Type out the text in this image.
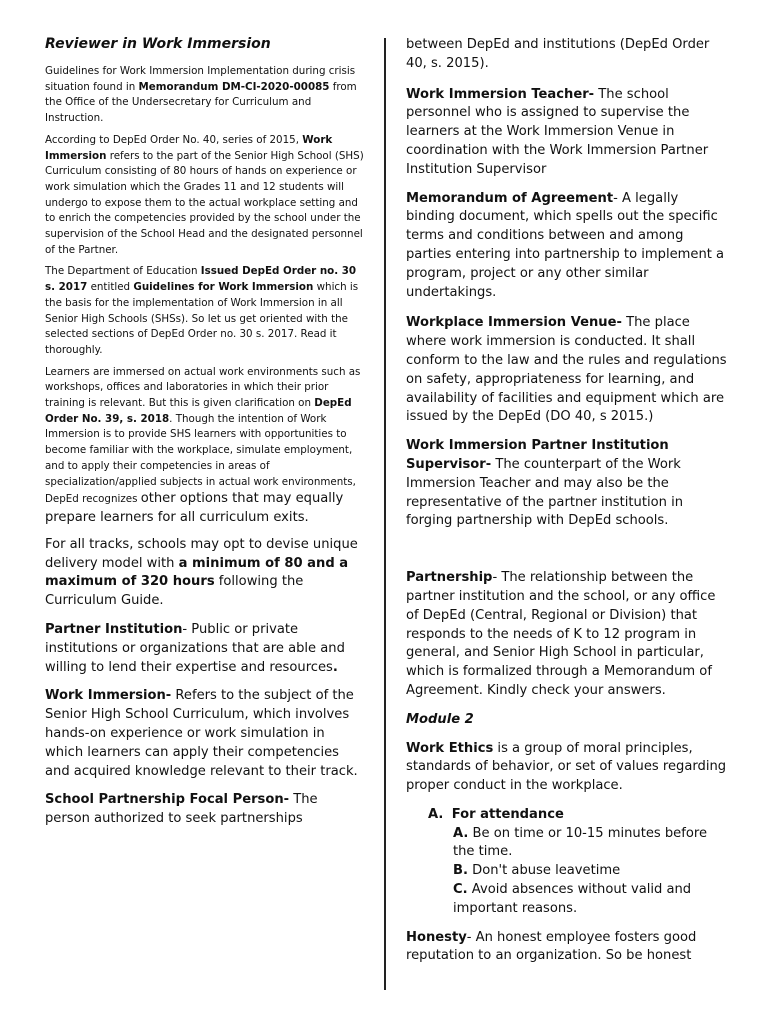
Reviewer in Work Immersion

Guidelines for Work Immersion Implementation during crisis situation found in Memorandum DM-CI-2020-00085 from the Office of the Undersecretary for Curriculum and Instruction.

According to DepEd Order No. 40, series of 2015, Work Immersion refers to the part of the Senior High School (SHS) Curriculum consisting of 80 hours of hands on experience or work simulation which the Grades 11 and 12 students will undergo to expose them to the actual workplace setting and to enrich the competencies provided by the school under the supervision of the School Head and the designated personnel of the Partner.

The Department of Education Issued DepEd Order no. 30 s. 2017 entitled Guidelines for Work Immersion which is the basis for the implementation of Work Immersion in all Senior High Schools (SHSs). So let us get oriented with the selected sections of DepEd Order no. 30 s. 2017. Read it thoroughly.

Learners are immersed on actual work environments such as workshops, offices and laboratories in which their prior training is relevant. But this is given clarification on DepEd Order No. 39, s. 2018. Though the intention of Work Immersion is to provide SHS learners with opportunities to become familiar with the workplace, simulate employment, and to apply their competencies in areas of specialization/applied subjects in actual work environments, DepEd recognizes other options that may equally prepare learners for all curriculum exits.

For all tracks, schools may opt to devise unique delivery model with a minimum of 80 and a maximum of 320 hours following the Curriculum Guide.

Partner Institution- Public or private institutions or organizations that are able and willing to lend their expertise and resources.

Work Immersion- Refers to the subject of the Senior High School Curriculum, which involves hands-on experience or work simulation in which learners can apply their competencies and acquired knowledge relevant to their track.

School Partnership Focal Person- The person authorized to seek partnerships

between DepEd and institutions (DepEd Order 40, s. 2015).

Work Immersion Teacher- The school personnel who is assigned to supervise the learners at the Work Immersion Venue in coordination with the Work Immersion Partner Institution Supervisor

Memorandum of Agreement- A legally binding document, which spells out the specific terms and conditions between and among parties entering into partnership to implement a program, project or any other similar undertakings.

Workplace Immersion Venue- The place where work immersion is conducted. It shall conform to the law and the rules and regulations on safety, appropriateness for learning, and availability of facilities and equipment which are issued by the DepEd (DO 40, s 2015.)

Work Immersion Partner Institution Supervisor- The counterpart of the Work Immersion Teacher and may also be the representative of the partner institution in forging partnership with DepEd schools.

Partnership- The relationship between the partner institution and the school, or any office of DepEd (Central, Regional or Division) that responds to the needs of K to 12 program in general, and Senior High School in particular, which is formalized through a Memorandum of Agreement. Kindly check your answers.

Module 2

Work Ethics is a group of moral principles, standards of behavior, or set of values regarding proper conduct in the workplace.

A. For attendance

A. Be on time or 10-15 minutes before the time.

B. Don't abuse leavetime

C. Avoid absences without valid and important reasons.

Honesty- An honest employee fosters good reputation to an organization. So be honest
